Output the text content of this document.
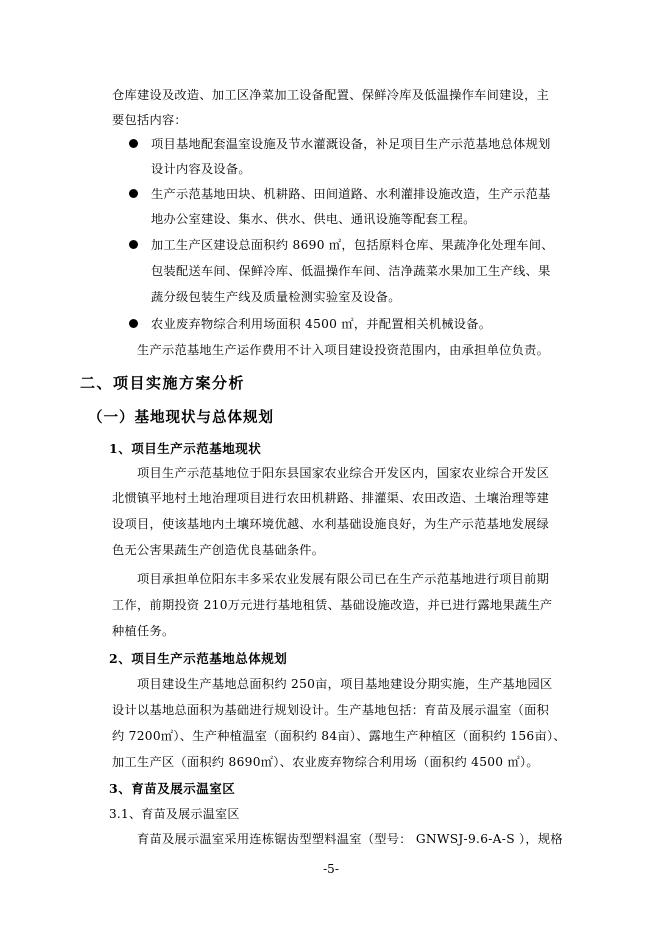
仓库建设及改造、加工区净菜加工设备配置、保鲜冷库及低温操作车间建设，主
要包括内容：
项目基地配套温室设施及节水灌溉设备，补足项目生产示范基地总体规划
设计内容及设备。
生产示范基地田块、机耕路、田间道路、水利灌排设施改造，生产示范基
地办公室建设、集水、供水、供电、通讯设施等配套工程。
加工生产区建设总面积约 8690 ㎡，包括原料仓库、果蔬净化处理车间、
包装配送车间、保鲜冷库、低温操作车间、洁净蔬菜水果加工生产线、果
蔬分级包装生产线及质量检测实验室及设备。
农业废弃物综合利用场面积 4500 ㎡，并配置相关机械设备。
生产示范基地生产运作费用不计入项目建设投资范围内，由承担单位负责。
二、项目实施方案分析
（一）基地现状与总体规划
1、项目生产示范基地现状
项目生产示范基地位于阳东县国家农业综合开发区内，国家农业综合开发区
北惯镇平地村土地治理项目进行农田机耕路、排灌渠、农田改造、土壤治理等建
设项目，使该基地内土壤环境优越、水利基础设施良好，为生产示范基地发展绿
色无公害果蔬生产创造优良基础条件。
项目承担单位阳东丰多采农业发展有限公司已在生产示范基地进行项目前期
工作，前期投资 210万元进行基地租赁、基础设施改造，并已进行露地果蔬生产
种植任务。
2、项目生产示范基地总体规划
项目建设生产基地总面积约 250亩，项目基地建设分期实施，生产基地园区
设计以基地总面积为基础进行规划设计。生产基地包括：育苗及展示温室（面积
约 7200㎡）、生产种植温室（面积约 84亩）、露地生产种植区（面积约 156亩）、
加工生产区（面积约 8690㎡）、农业废弃物综合利用场（面积约 4500 ㎡）。
3、育苗及展示温室区
3.1、育苗及展示温室区
育苗及展示温室采用连栋锯齿型塑料温室（型号： GNWSJ-9.6-A-S ），规格
-5-
